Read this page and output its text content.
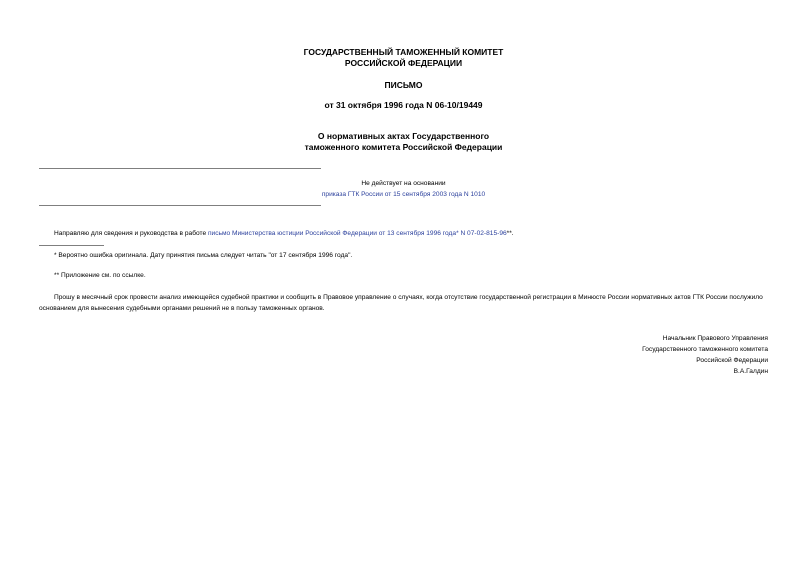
ГОСУДАРСТВЕННЫЙ ТАМОЖЕННЫЙ КОМИТЕТ

РОССИЙСКОЙ ФЕДЕРАЦИИ

ПИСЬМО

от 31 октября 1996 года N 06-10/19449

О нормативных актах Государственного

таможенного комитета Российской Федерации

Не действует на основании
приказа ГТК России от 15 сентября 2003 года N 1010

Направляю для сведения и руководства в работе письмо Министерства юстиции Российской Федерации от 13 сентября 1996 года* N 07-02-815-96**.

* Вероятно ошибка оригинала. Дату принятия письма следует читать "от 17 сентября 1996 года".

** Приложение см. по ссылке.

Прошу в месячный срок провести анализ имеющейся судебной практики и сообщить в Правовое управление о случаях, когда отсутствие государственной регистрации в Минюсте России нормативных актов ГТК России послужило основанием для вынесения судебными органами решений не в пользу таможенных органов.

Начальник Правового Управления
Государственного таможенного комитета
Российской Федерации
В.А.Галдин
